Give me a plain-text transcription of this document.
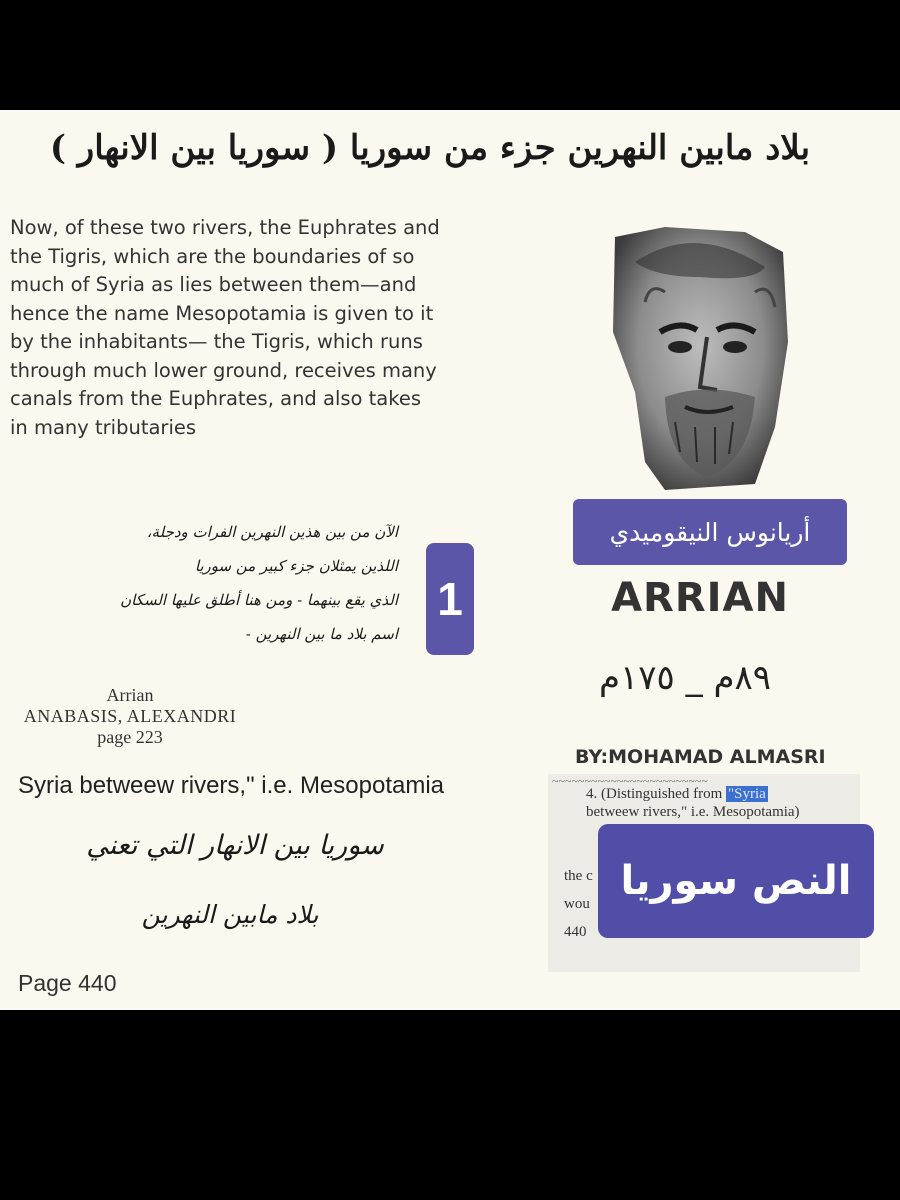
بلاد مابين النهرين جزء من سوريا ( سوريا بين الانهار )
Now, of these two rivers, the Euphrates and the Tigris, which are the boundaries of so much of Syria as lies between them—and hence the name Mesopotamia is given to it by the inhabitants— the Tigris, which runs through much lower ground, receives many canals from the Euphrates, and also takes in many tributaries
الآن من بين هذين النهرين الفرات ودجلة،
اللذين يمثلان جزء كبير من سوريا
الذي يقع بينهما - ومن هنا أطلق عليها السكان
اسم بلاد ما بين النهرين -
1
Arrian
ANABASIS, ALEXANDRI
page 223
Syria betweew rivers," i.e. Mesopotamia
سوريا بين الانهار التي تعني
بلاد مابين النهرين
Page 440
أريانوس النيقوميدي
ARRIAN
٨٩م _ ١٧٥م
BY:MOHAMAD ALMASRI
~~~~~~~~~~~~~~~~~~~~~~~~
4. (Distinguished from "Syria
betweew rivers," i.e. Mesopotamia)
the c
wou
440
النص سوريا
